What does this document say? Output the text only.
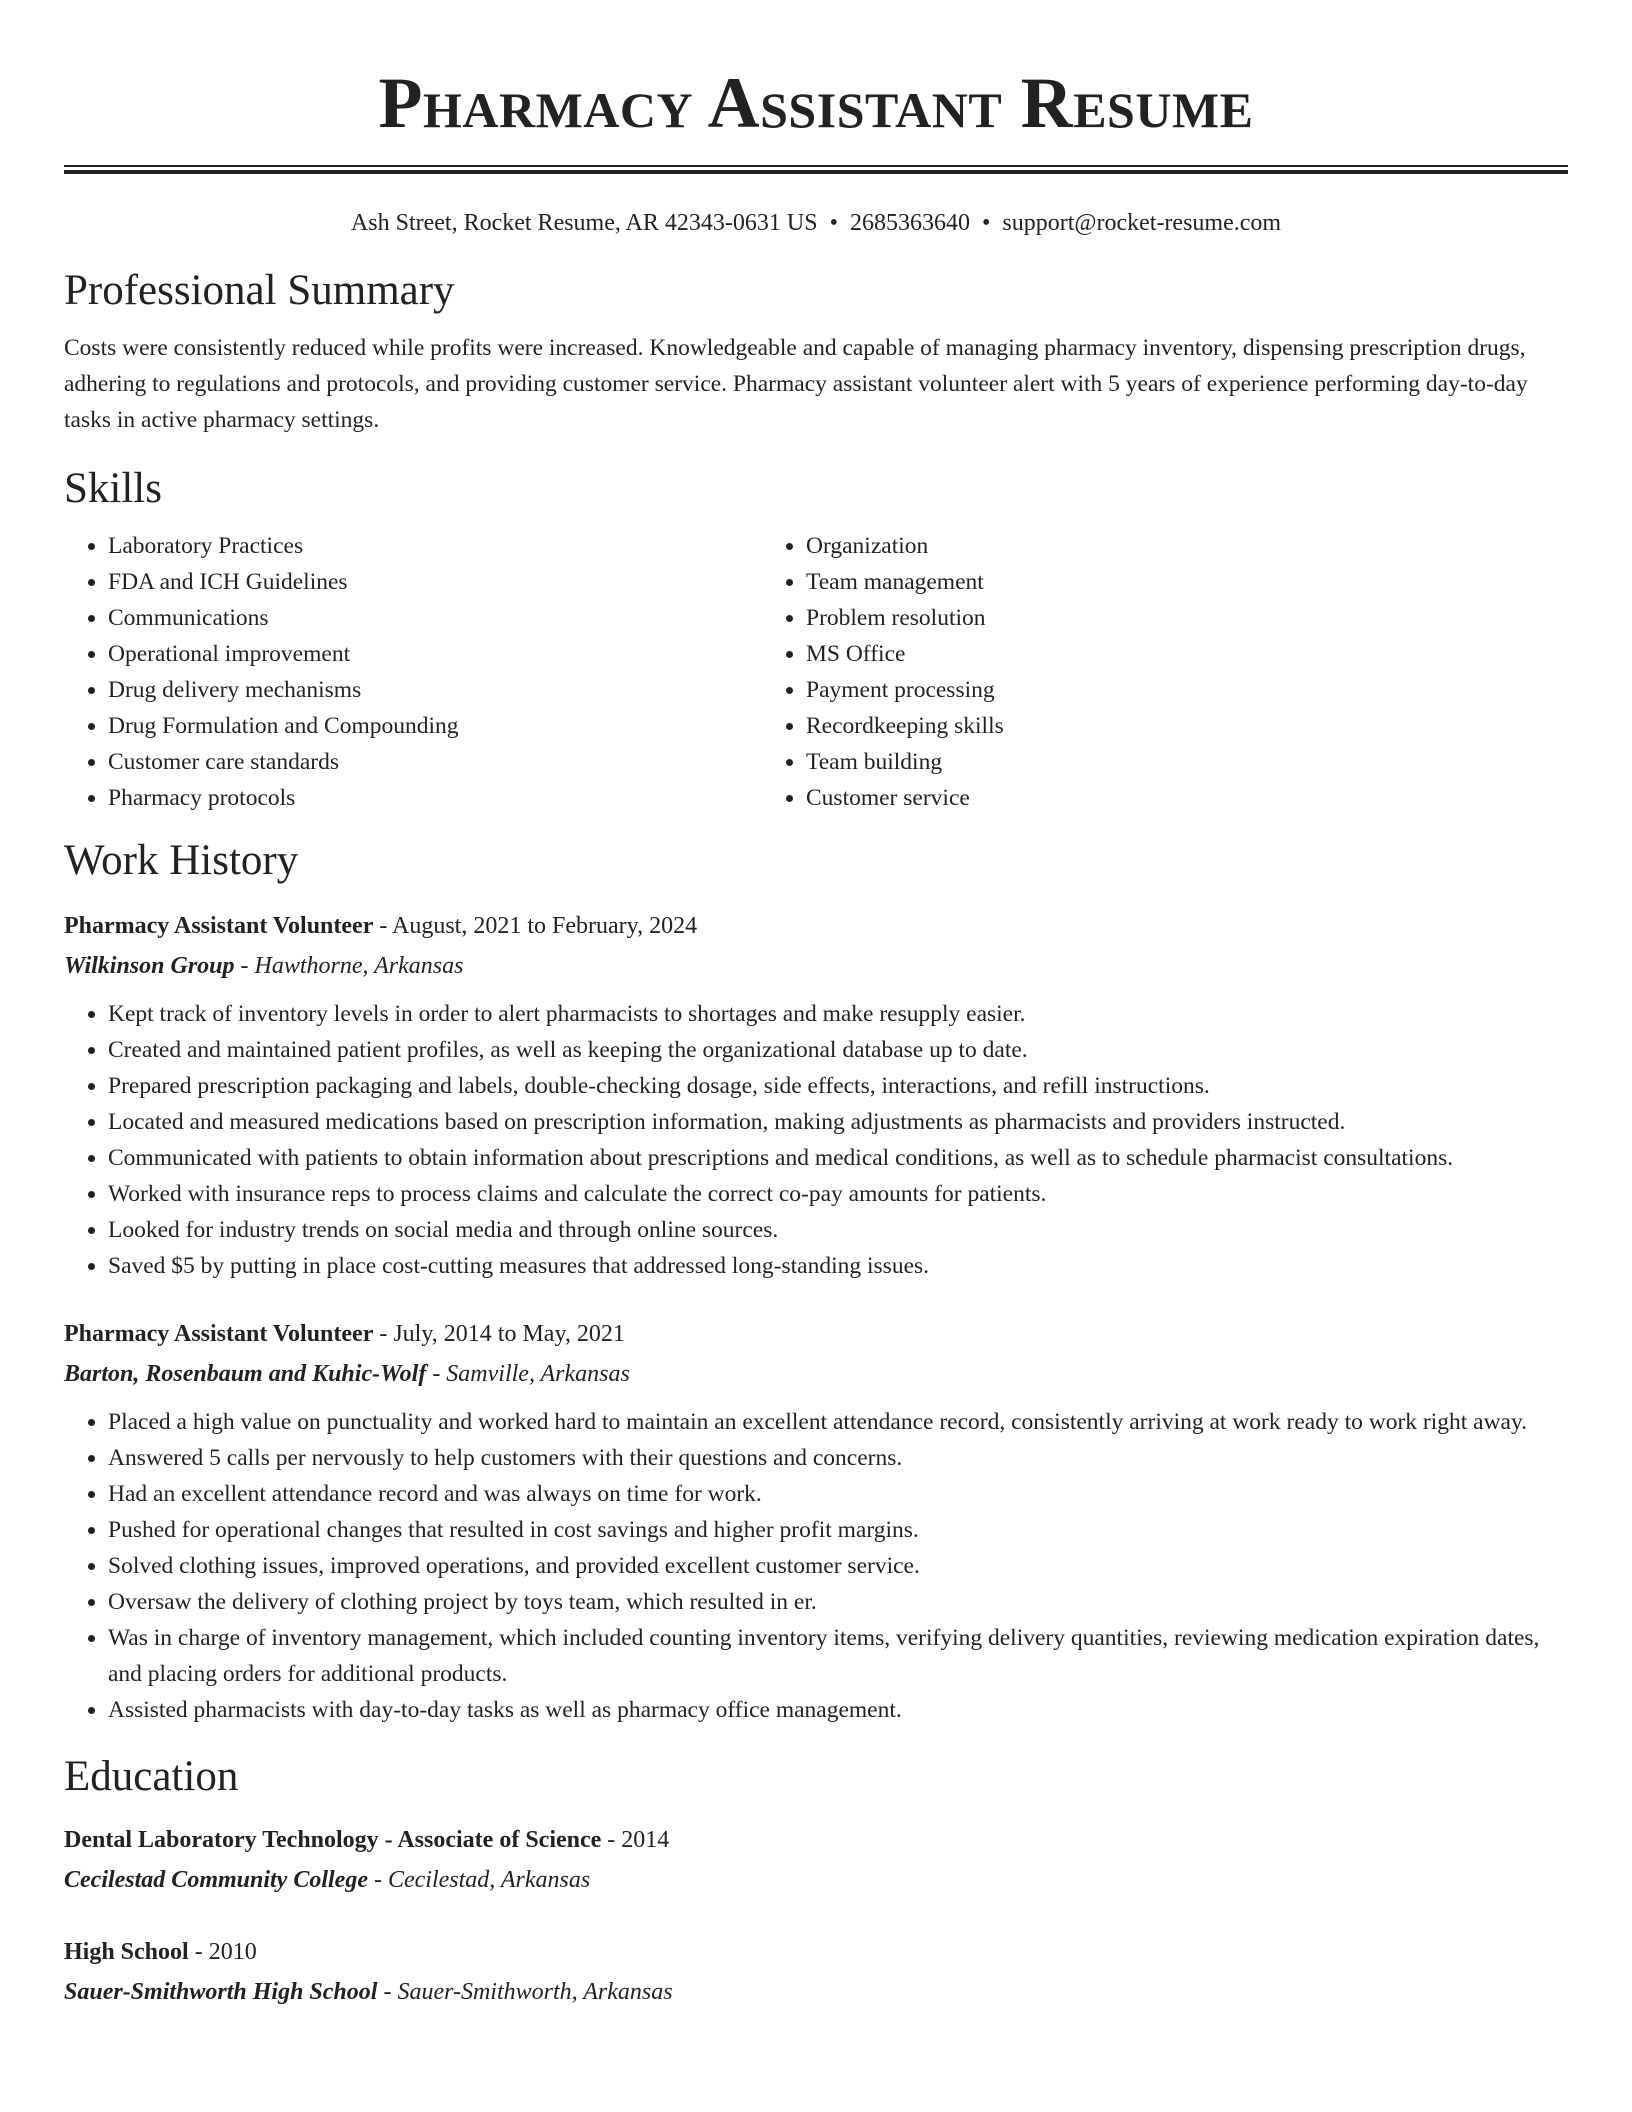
Pharmacy Assistant Resume
Ash Street, Rocket Resume, AR 42343-0631 US • 2685363640 • support@rocket-resume.com
Professional Summary

Costs were consistently reduced while profits were increased. Knowledgeable and capable of managing pharmacy inventory, dispensing prescription drugs, adhering to regulations and protocols, and providing customer service. Pharmacy assistant volunteer alert with 5 years of experience performing day-to-day tasks in active pharmacy settings.

Skills
• Laboratory Practices
• FDA and ICH Guidelines
• Communications
• Operational improvement
• Drug delivery mechanisms
• Drug Formulation and Compounding
• Customer care standards
• Pharmacy protocols
• Organization
• Team management
• Problem resolution
• MS Office
• Payment processing
• Recordkeeping skills
• Team building
• Customer service
Work History
Pharmacy Assistant Volunteer - August, 2021 to February, 2024
Wilkinson Group - Hawthorne, Arkansas
• Kept track of inventory levels in order to alert pharmacists to shortages and make resupply easier.
• Created and maintained patient profiles, as well as keeping the organizational database up to date.
• Prepared prescription packaging and labels, double-checking dosage, side effects, interactions, and refill instructions.
• Located and measured medications based on prescription information, making adjustments as pharmacists and providers instructed.
• Communicated with patients to obtain information about prescriptions and medical conditions, as well as to schedule pharmacist consultations.
• Worked with insurance reps to process claims and calculate the correct co-pay amounts for patients.
• Looked for industry trends on social media and through online sources.
• Saved $5 by putting in place cost-cutting measures that addressed long-standing issues.
Pharmacy Assistant Volunteer - July, 2014 to May, 2021
Barton, Rosenbaum and Kuhic-Wolf - Samville, Arkansas
• Placed a high value on punctuality and worked hard to maintain an excellent attendance record, consistently arriving at work ready to work right away.
• Answered 5 calls per nervously to help customers with their questions and concerns.
• Had an excellent attendance record and was always on time for work.
• Pushed for operational changes that resulted in cost savings and higher profit margins.
• Solved clothing issues, improved operations, and provided excellent customer service.
• Oversaw the delivery of clothing project by toys team, which resulted in er.
• Was in charge of inventory management, which included counting inventory items, verifying delivery quantities, reviewing medication expiration dates, and placing orders for additional products.
• Assisted pharmacists with day-to-day tasks as well as pharmacy office management.
Education
Dental Laboratory Technology - Associate of Science - 2014
Cecilestad Community College - Cecilestad, Arkansas
High School - 2010
Sauer-Smithworth High School - Sauer-Smithworth, Arkansas
